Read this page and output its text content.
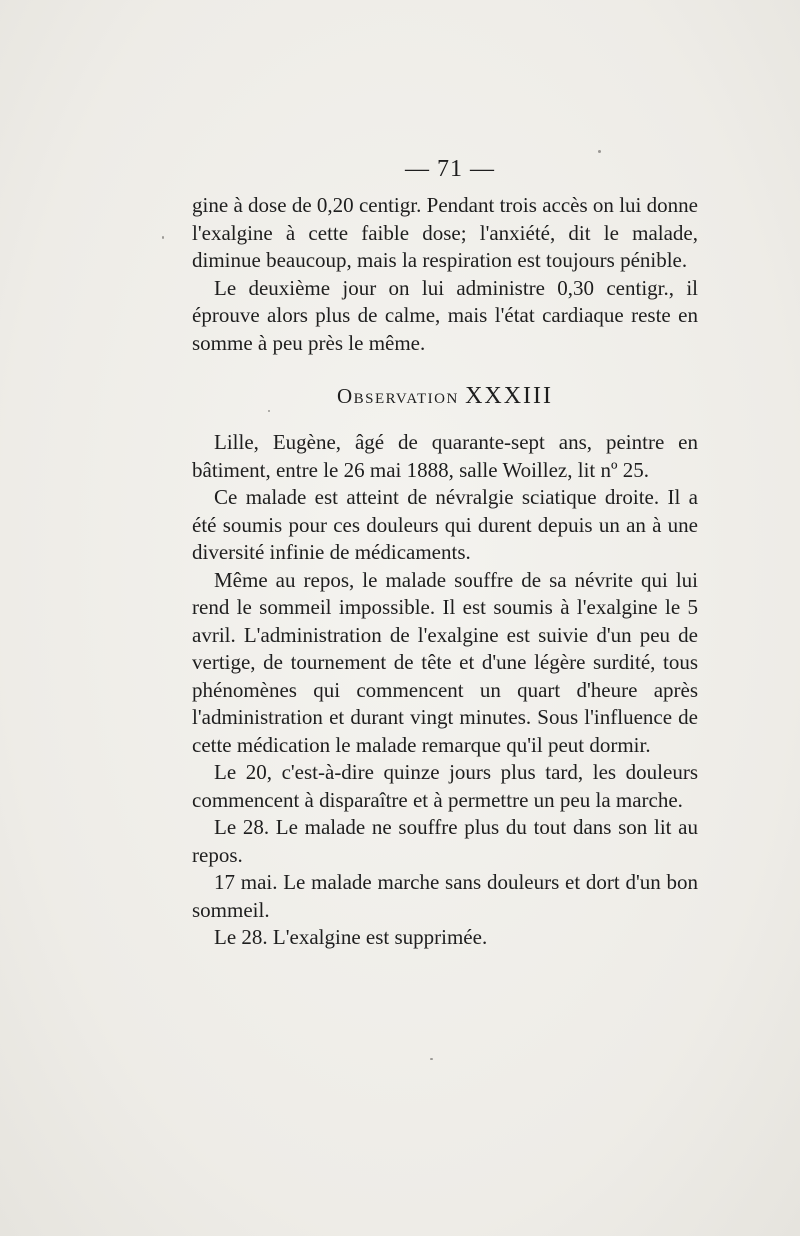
— 71 —

gine à dose de 0,20 centigr. Pendant trois accès on lui donne l'exalgine à cette faible dose; l'anxiété, dit le malade, diminue beaucoup, mais la respiration est toujours pénible.

Le deuxième jour on lui administre 0,30 centigr., il éprouve alors plus de calme, mais l'état cardiaque reste en somme à peu près le même.

Observation XXXIII

Lille, Eugène, âgé de quarante-sept ans, peintre en bâtiment, entre le 26 mai 1888, salle Woillez, lit nº 25.

Ce malade est atteint de névralgie sciatique droite. Il a été soumis pour ces douleurs qui durent depuis un an à une diversité infinie de médicaments.

Même au repos, le malade souffre de sa névrite qui lui rend le sommeil impossible. Il est soumis à l'exalgine le 5 avril. L'administration de l'exalgine est suivie d'un peu de vertige, de tournement de tête et d'une légère surdité, tous phénomènes qui commencent un quart d'heure après l'administration et durant vingt minutes. Sous l'influence de cette médication le malade remarque qu'il peut dormir.

Le 20, c'est-à-dire quinze jours plus tard, les douleurs commencent à disparaître et à permettre un peu la marche.

Le 28. Le malade ne souffre plus du tout dans son lit au repos.

17 mai. Le malade marche sans douleurs et dort d'un bon sommeil.

Le 28. L'exalgine est supprimée.
